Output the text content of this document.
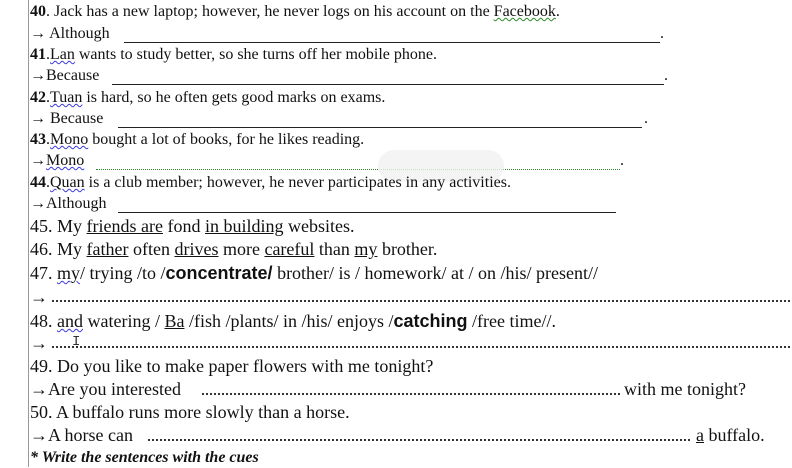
40. Jack has a new laptop; however, he never logs on his account on the Facebook.
→ Although	.
41.Lan wants to study better, so she turns off her mobile phone.
→Because	.
42.Tuan is hard, so he often gets good marks on exams.
→ Because	.
43.Mono bought a lot of books, for he likes reading.
→Mono	.
44.Quan is a club member; however, he never participates in any activities.
→Although
45. My friends are fond in building websites.
46. My father often drives more careful than my brother.
47. my/ trying /to /concentrate/ brother/ is / homework/ at / on /his/ present//
→
48. and watering / Ba /fish /plants/ in /his/ enjoys /catching /free time//.
→ I
49. Do you like to make paper flowers with me tonight?
→Are you interested	with me tonight?
50. A buffalo runs more slowly than a horse.
→A horse can	a buffalo.
* Write the sentences with the cues
